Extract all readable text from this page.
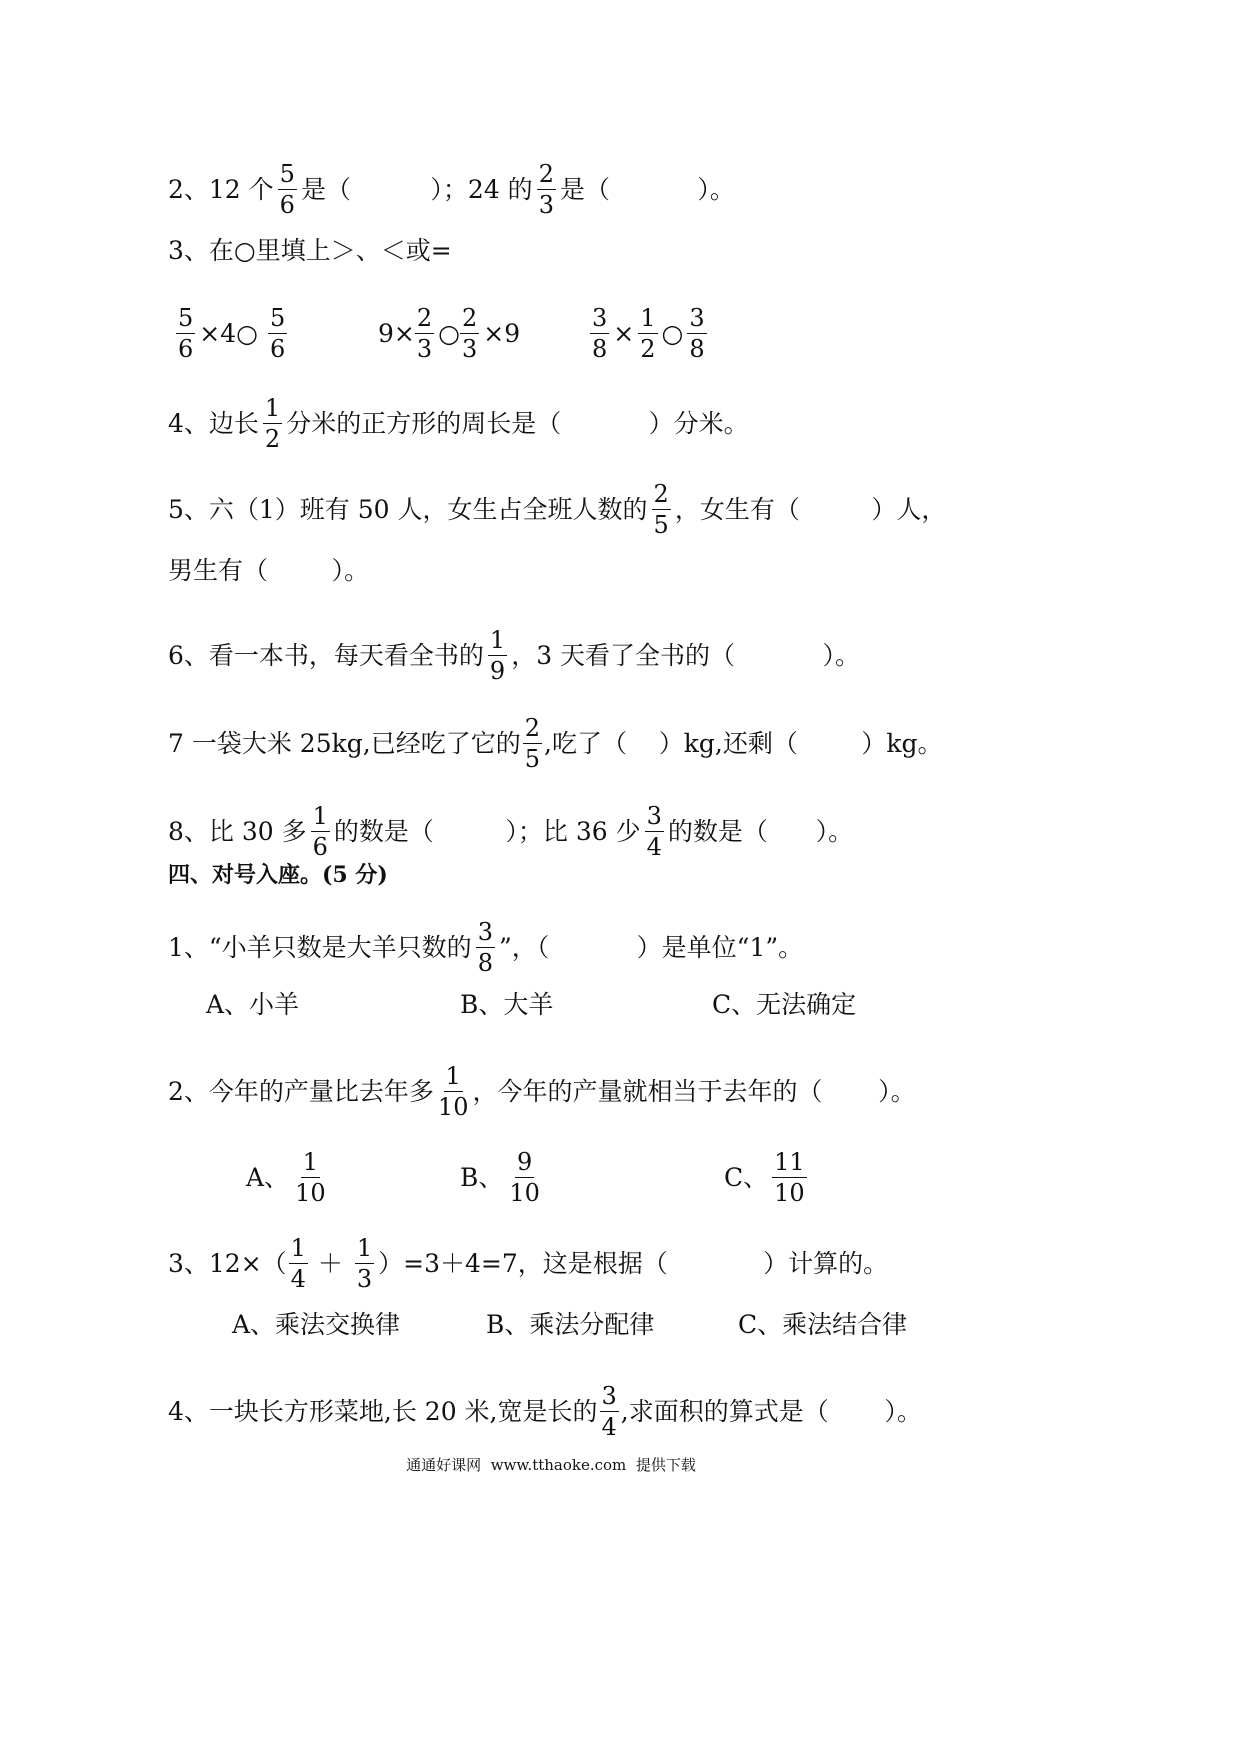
2、12 个 $\frac{5}{6}$ 是（          ）；24 的 $\frac{2}{3}$ 是（           ）。
3、在○里填上＞、＜或=
$\frac{5}{6}$ ×4○ $\frac{5}{6}$	$9\times \frac{2}{3}$ ○ $\frac{2}{3} \times 9$	$\frac{3}{8} \times \frac{1}{2}$ ○ $\frac{3}{8}$
4、边长 $\frac{1}{2}$ 分米的正方形的周长是（           ）分米。
5、六（1）班有 50 人，女生占全班人数的 $\frac{2}{5}$ ，女生有（         ）人，
男生有（        ）。
6、看一本书，每天看全书的 $\frac{1}{9}$ ，3 天看了全书的（           ）。
7 一袋大米 25kg,已经吃了它的 $\frac{2}{5}$ ,吃了（    ）kg,还剩（        ）kg。
8、比 30 多 $\frac{1}{6}$ 的数是（         ）；比 36 少 $\frac{3}{4}$ 的数是（      ）。
四、对号入座。(5 分)
1、“小羊只数是大羊只数的 $\frac{3}{8}$ ”，（           ）是单位“1”。
A、小羊	B、大羊	C、无法确定
2、今年的产量比去年多 $\frac{1}{10}$ ，今年的产量就相当于去年的（       ）。
A、 $\frac{1}{10}$	B、 $\frac{9}{10}$	C、 $\frac{11}{10}$
3、$12\times( \frac{1}{4} + \frac{1}{3} )=3+4=7$，这是根据（            ）计算的。
A、乘法交换律	B、乘法分配律	C、乘法结合律
4、一块长方形菜地,长 20 米,宽是长的 $\frac{3}{4}$ ,求面积的算式是（       ）。
通通好课网  www.tthaoke.com  提供下载
